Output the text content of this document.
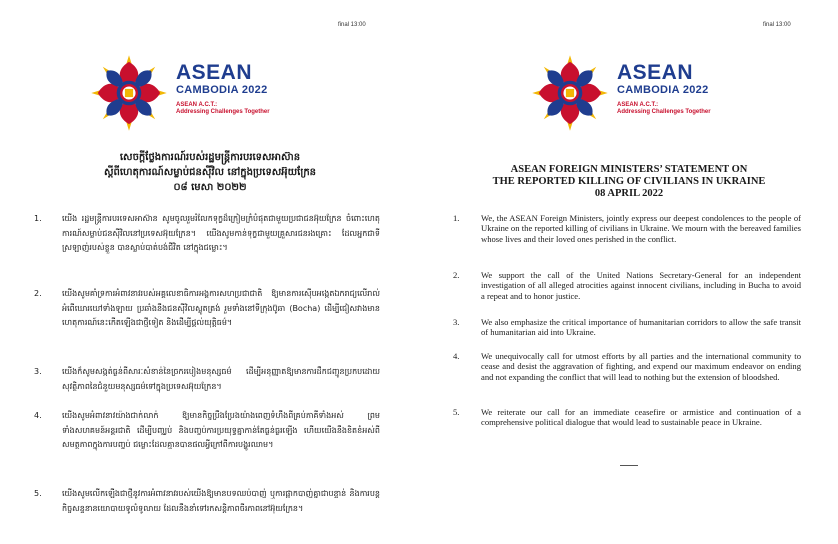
final 13:00
ASEAN
CAMBODIA 2022
ASEAN A.C.T.:
Addressing Challenges Together
សេចក្តីថ្លែងការណ៍របស់រដ្ឋមន្ត្រីការបរទេសអាស៊ាន
ស្តីពីហេតុការណ៍សម្លាប់ជនស៊ីវិល នៅក្នុងប្រទេសអ៊ុយក្រែន
០៨ មេសា ២០២២
1.	យើង រដ្ឋមន្ត្រីការបរទេសអាស៊ាន សូមចូលរួមរំលែកទុក្ខដ៏ក្រៀមក្រំបំផុតជាមួយប្រជាជនអ៊ុយក្រែន ចំពោះហេតុការណ៍សម្លាប់ជនស៊ីវិលនៅប្រទេសអ៊ុយក្រែន។ យើងសូមកាន់ទុក្ខជាមួយគ្រួសារជនរងគ្រោះ ដែលអ្នកជាទីស្រឡាញ់របស់ខ្លួន បានស្លាប់បាត់បង់ជីវិត នៅក្នុងជម្លោះ។
2.	យើងសូមគាំទ្រការអំពាវនាវរបស់អគ្គលេខាធិការអង្គការសហប្រជាជាតិ ឱ្យមានការស៊ើបអង្កេតឯករាជ្យលើរាល់អំពើឃោរឃៅទាំងឡាយ ប្រឆាំងនឹងជនស៊ីវិលស្លូតត្រង់ រួមទាំងនៅទីក្រុងប៊ូឆា (Bocha) ដើម្បីជៀសវាងមានហេតុការណ៍នេះកើតឡើងជាថ្មីទៀត និងដើម្បីផ្តល់យុត្តិធម៌។
3.	យើងក៏សូមសង្កត់ធ្ងន់ពីសារៈសំខាន់នៃច្រករបៀងមនុស្សធម៌ ដើម្បីអនុញ្ញាតឱ្យមានការដឹកជញ្ជូនប្រកបដោយសុវត្ថិភាពនៃជំនួយមនុស្សធម៌ទៅក្នុងប្រទេសអ៊ុយក្រែន។
4.	យើងសូមអំពាវនាវយ៉ាងជាក់លាក់ ឱ្យមានកិច្ចប្រឹងប្រែងយ៉ាងពេញទំហឹងពីគ្រប់ភាគីទាំងអស់ ព្រមទាំងសហគមន៍អន្តរជាតិ ដើម្បីបញ្ឈប់ និងបញ្ចប់ការប្រយុទ្ធគ្នាកាន់តែធ្ងន់ធ្ងរឡើង ហើយយើងនឹងខិតខំអស់ពីសមត្ថភាពក្នុងការបញ្ចប់ ជម្លោះដែលគ្មានបានផលអ្វីក្រៅពីការបង្ហូរឈាម។
5.	យើងសូមលើកឡើងជាថ្មីនូវការអំពាវនាវរបស់យើងឱ្យមានបទឈប់បាញ់ ឬការផ្អាកបាញ់គ្នាជាបន្ទាន់ និងការបន្តកិច្ចសន្ទនានយោបាយទូលំទូលាយ ដែលនឹងនាំទៅរកសន្តិភាពចីរភាពនៅអ៊ុយក្រែន។
final 13:00
ASEAN
CAMBODIA 2022
ASEAN A.C.T.:
Addressing Challenges Together
ASEAN FOREIGN MINISTERS’ STATEMENT ON
THE REPORTED KILLING OF CIVILIANS IN UKRAINE
08 APRIL 2022
1.	We, the ASEAN Foreign Ministers, jointly express our deepest condolences to the people of Ukraine on the reported killing of civilians in Ukraine. We mourn with the bereaved families whose lives and their loved ones perished in the conflict.
2.	We support the call of the United Nations Secretary-General for an independent investigation of all alleged atrocities against innocent civilians, including in Bucha to avoid a repeat and to honor justice.
3.	We also emphasize the critical importance of humanitarian corridors to allow the safe transit of humanitarian aid into Ukraine.
4.	We unequivocally call for utmost efforts by all parties and the international community to cease and desist the aggravation of fighting, and expend our maximum endeavor on ending and not expanding the conflict that will lead to nothing but the extension of bloodshed.
5.	We reiterate our call for an immediate ceasefire or armistice and continuation of a comprehensive political dialogue that would lead to sustainable peace in Ukraine.
